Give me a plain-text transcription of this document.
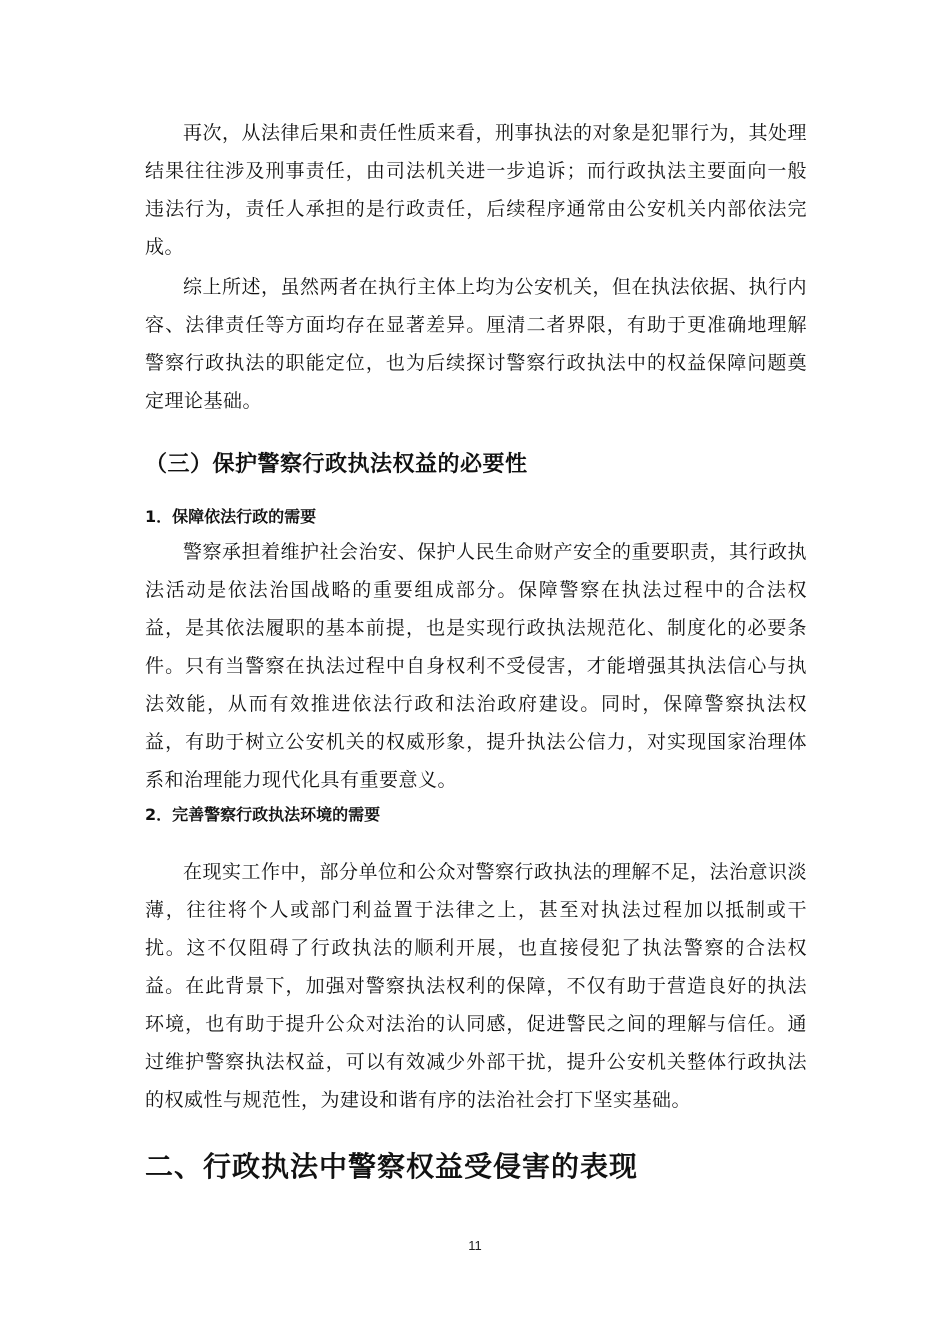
再次，从法律后果和责任性质来看，刑事执法的对象是犯罪行为，其处理结果往往涉及刑事责任，由司法机关进一步追诉；而行政执法主要面向一般违法行为，责任人承担的是行政责任，后续程序通常由公安机关内部依法完成。

综上所述，虽然两者在执行主体上均为公安机关，但在执法依据、执行内容、法律责任等方面均存在显著差异。厘清二者界限，有助于更准确地理解警察行政执法的职能定位，也为后续探讨警察行政执法中的权益保障问题奠定理论基础。

（三）保护警察行政执法权益的必要性
1．保障依法行政的需要

警察承担着维护社会治安、保护人民生命财产安全的重要职责，其行政执法活动是依法治国战略的重要组成部分。保障警察在执法过程中的合法权益，是其依法履职的基本前提，也是实现行政执法规范化、制度化的必要条件。只有当警察在执法过程中自身权利不受侵害，才能增强其执法信心与执法效能，从而有效推进依法行政和法治政府建设。同时，保障警察执法权益，有助于树立公安机关的权威形象，提升执法公信力，对实现国家治理体系和治理能力现代化具有重要意义。

2．完善警察行政执法环境的需要

在现实工作中，部分单位和公众对警察行政执法的理解不足，法治意识淡薄，往往将个人或部门利益置于法律之上，甚至对执法过程加以抵制或干扰。这不仅阻碍了行政执法的顺利开展，也直接侵犯了执法警察的合法权益。在此背景下，加强对警察执法权利的保障，不仅有助于营造良好的执法环境，也有助于提升公众对法治的认同感，促进警民之间的理解与信任。通过维护警察执法权益，可以有效减少外部干扰，提升公安机关整体行政执法的权威性与规范性，为建设和谐有序的法治社会打下坚实基础。

二、行政执法中警察权益受侵害的表现
11
